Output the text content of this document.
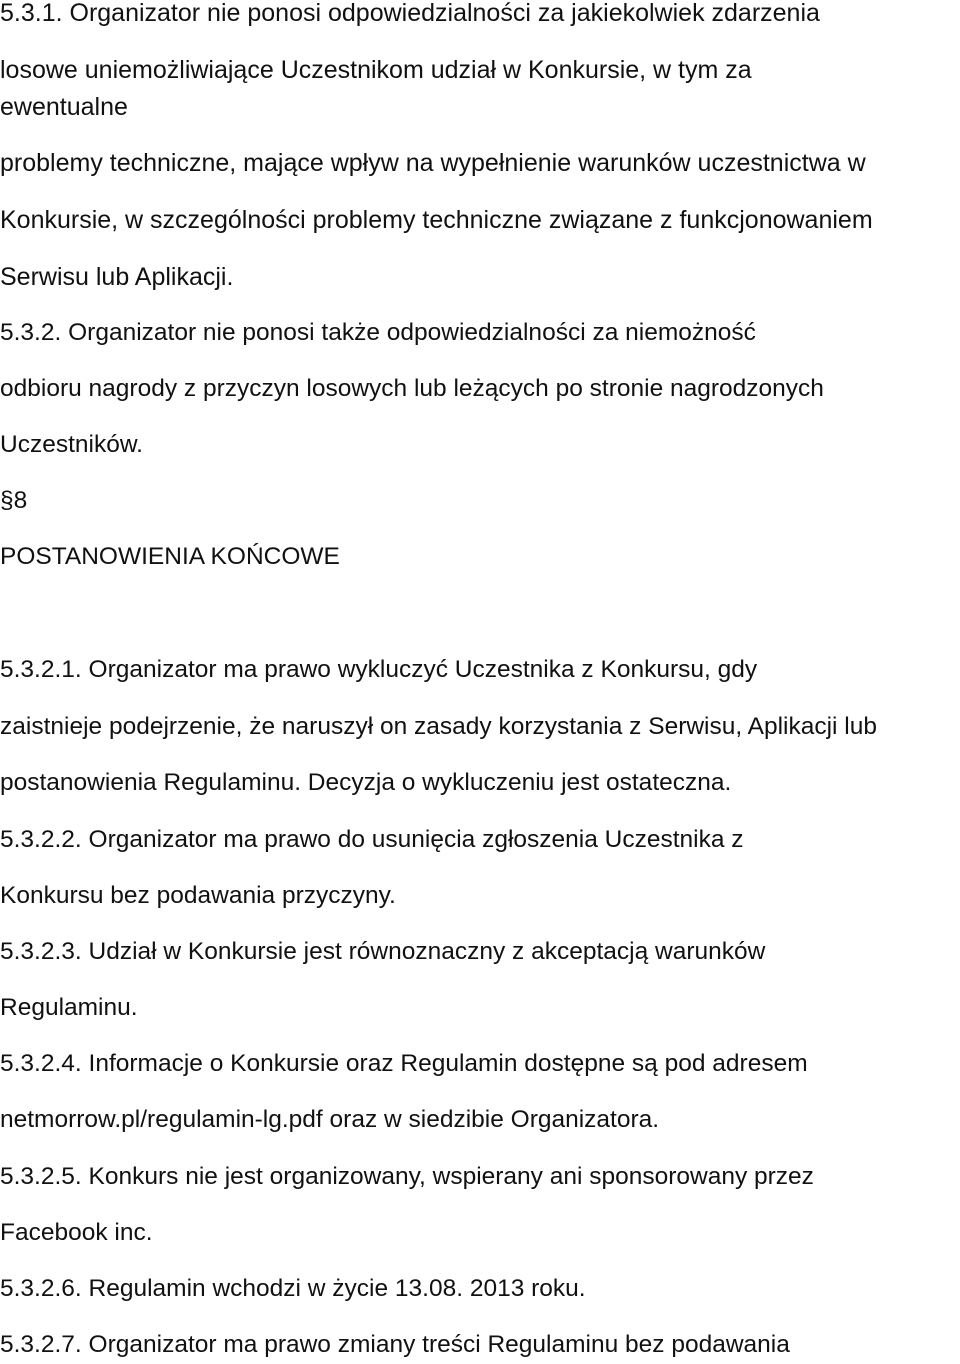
5.3.1. Organizator nie ponosi odpowiedzialności za jakiekolwiek zdarzenia
losowe uniemożliwiające Uczestnikom udział w Konkursie, w tym za
ewentualne
problemy techniczne, mające wpływ na wypełnienie warunków uczestnictwa w
Konkursie, w szczególności problemy techniczne związane z funkcjonowaniem
Serwisu lub Aplikacji.
5.3.2. Organizator nie ponosi także odpowiedzialności za niemożność
odbioru nagrody z przyczyn losowych lub leżących po stronie nagrodzonych
Uczestników.
§8
POSTANOWIENIA KOŃCOWE
5.3.2.1. Organizator ma prawo wykluczyć Uczestnika z Konkursu, gdy
zaistnieje podejrzenie, że naruszył on zasady korzystania z Serwisu, Aplikacji lub
postanowienia Regulaminu. Decyzja o wykluczeniu jest ostateczna.
5.3.2.2. Organizator ma prawo do usunięcia zgłoszenia Uczestnika z
Konkursu bez podawania przyczyny.
5.3.2.3. Udział w Konkursie jest równoznaczny z akceptacją warunków
Regulaminu.
5.3.2.4. Informacje o Konkursie oraz Regulamin dostępne są pod adresem
netmorrow.pl/regulamin-lg.pdf oraz w siedzibie Organizatora.
5.3.2.5. Konkurs nie jest organizowany, wspierany ani sponsorowany przez
Facebook inc.
5.3.2.6. Regulamin wchodzi w życie 13.08. 2013 roku.
5.3.2.7. Organizator ma prawo zmiany treści Regulaminu bez podawania
